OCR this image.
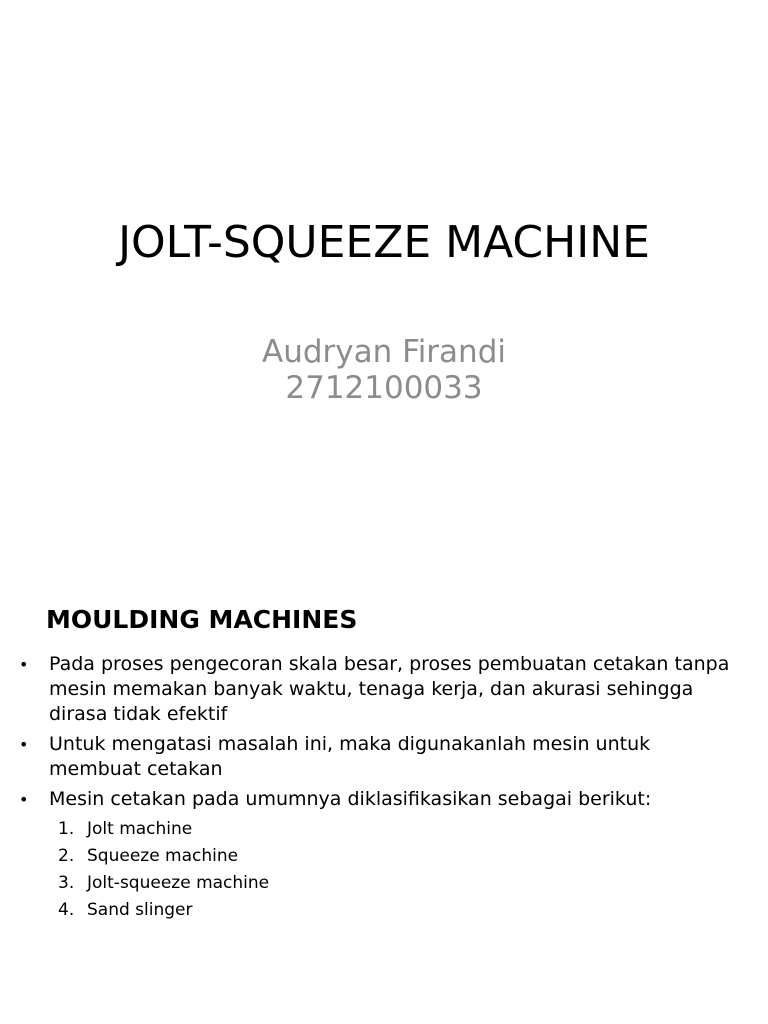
JOLT-SQUEEZE MACHINE
Audryan Firandi
2712100033
MOULDING MACHINES
• Pada proses pengecoran skala besar, proses pembuatan cetakan tanpa mesin memakan banyak waktu, tenaga kerja, dan akurasi sehingga dirasa tidak efektif
• Untuk mengatasi masalah ini, maka digunakanlah mesin untuk membuat cetakan
• Mesin cetakan pada umumnya diklasifikasikan sebagai berikut:
1. Jolt machine
2. Squeeze machine
3. Jolt-squeeze machine
4. Sand slinger
